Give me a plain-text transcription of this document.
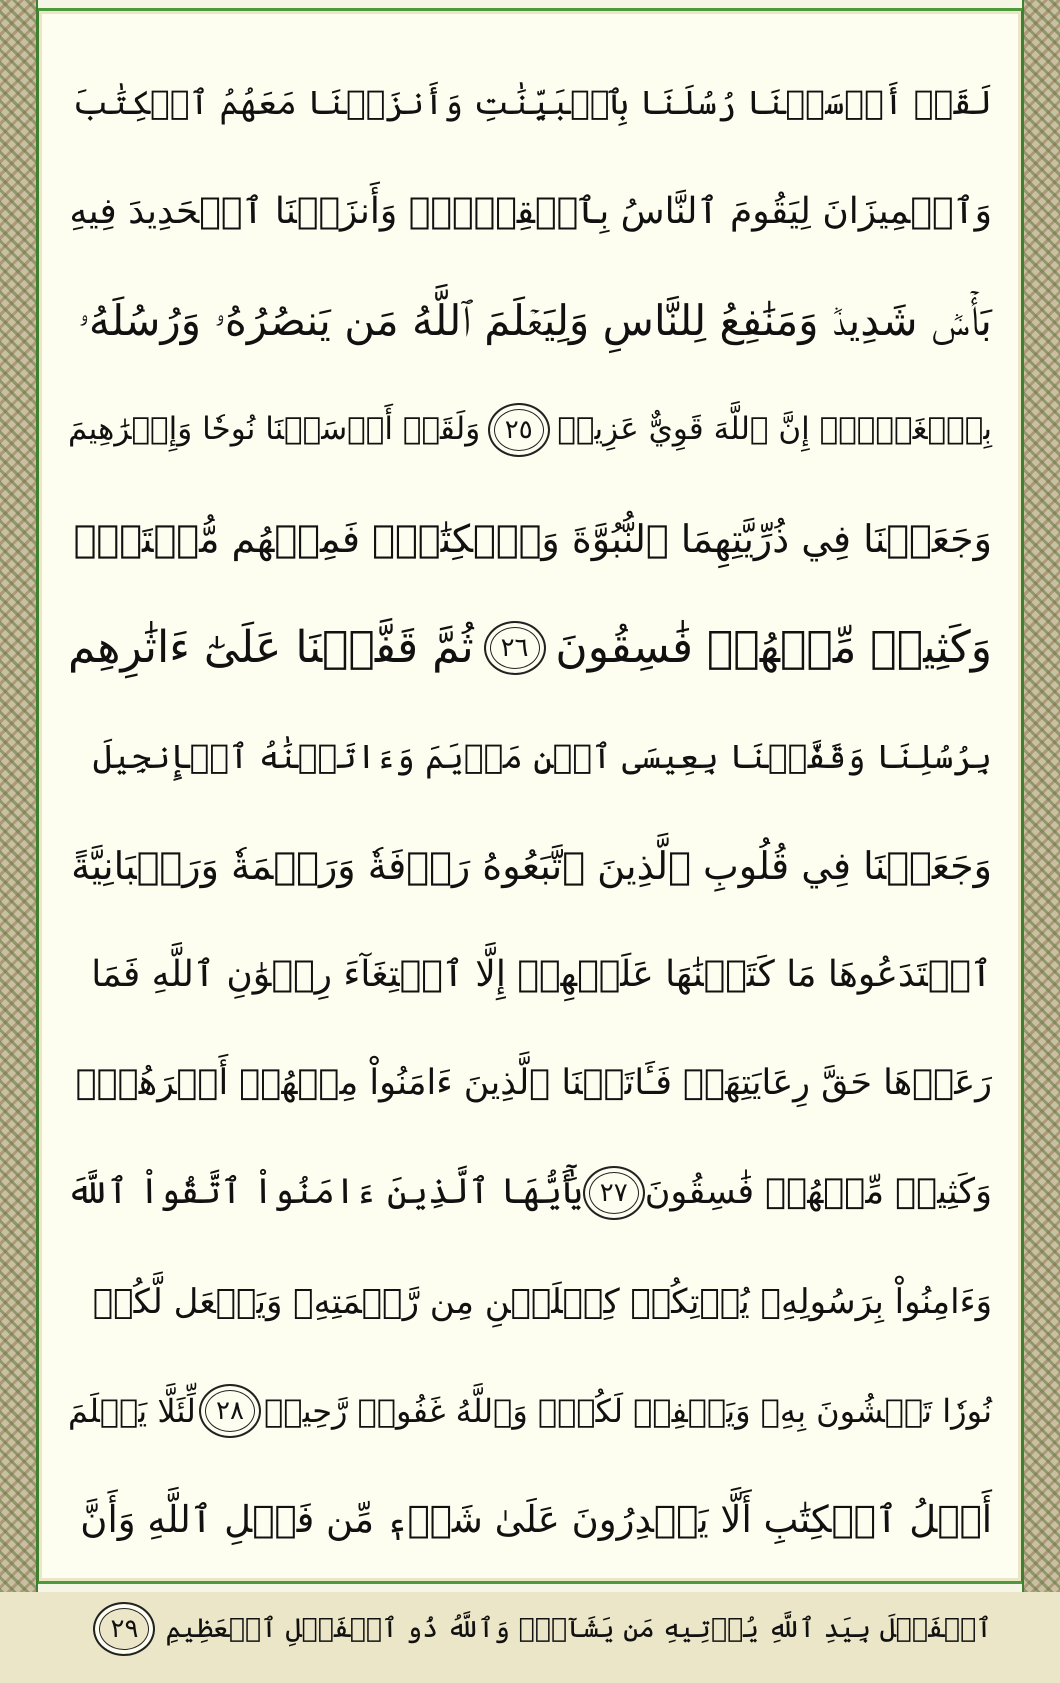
لَقَدۡ أَرۡسَلۡنَا رُسُلَنَا بِٱلۡبَيِّنَٰتِ وَأَنزَلۡنَا مَعَهُمُ ٱلۡكِتَٰبَ
وَٱلۡمِيزَانَ لِيَقُومَ ٱلنَّاسُ بِٱلۡقِسۡطِۖ وَأَنزَلۡنَا ٱلۡحَدِيدَ فِيهِ
بَأۡسٞ شَدِيدٞ وَمَنَٰفِعُ لِلنَّاسِ وَلِيَعۡلَمَ ٱللَّهُ مَن يَنصُرُهُۥ وَرُسُلَهُۥ
بِٱلۡغَيۡبِۚ إِنَّ ٱللَّهَ قَوِيٌّ عَزِيزٞ
٢٥
وَلَقَدۡ أَرۡسَلۡنَا نُوحٗا وَإِبۡرَٰهِيمَ
وَجَعَلۡنَا فِي ذُرِّيَّتِهِمَا ٱلنُّبُوَّةَ وَٱلۡكِتَٰبَۖ فَمِنۡهُم مُّهۡتَدٖۖ
وَكَثِيرٞ مِّنۡهُمۡ فَٰسِقُونَ
٢٦
ثُمَّ قَفَّيۡنَا عَلَىٰٓ ءَاثَٰرِهِم
بِرُسُلِنَا وَقَفَّيۡنَا بِعِيسَى ٱبۡنِ مَرۡيَمَ وَءَاتَيۡنَٰهُ ٱلۡإِنجِيلَ
وَجَعَلۡنَا فِي قُلُوبِ ٱلَّذِينَ ٱتَّبَعُوهُ رَأۡفَةٗ وَرَحۡمَةٗ وَرَهۡبَانِيَّةً
ٱبۡتَدَعُوهَا مَا كَتَبۡنَٰهَا عَلَيۡهِمۡ إِلَّا ٱبۡتِغَآءَ رِضۡوَٰنِ ٱللَّهِ فَمَا
رَعَوۡهَا حَقَّ رِعَايَتِهَاۖ فَـَٔاتَيۡنَا ٱلَّذِينَ ءَامَنُواْ مِنۡهُمۡ أَجۡرَهُمۡۖ
وَكَثِيرٞ مِّنۡهُمۡ فَٰسِقُونَ
٢٧
يَٰٓأَيُّهَا ٱلَّذِينَ ءَامَنُواْ ٱتَّقُواْ ٱللَّهَ
وَءَامِنُواْ بِرَسُولِهِۦ يُؤۡتِكُمۡ كِفۡلَيۡنِ مِن رَّحۡمَتِهِۦ وَيَجۡعَل لَّكُمۡ
نُورٗا تَمۡشُونَ بِهِۦ وَيَغۡفِرۡ لَكُمۡۚ وَٱللَّهُ غَفُورٞ رَّحِيمٞ
٢٨
لِّئَلَّا يَعۡلَمَ
أَهۡلُ ٱلۡكِتَٰبِ أَلَّا يَقۡدِرُونَ عَلَىٰ شَيۡءٖ مِّن فَضۡلِ ٱللَّهِ وَأَنَّ
ٱلۡفَضۡلَ بِيَدِ ٱللَّهِ يُؤۡتِيهِ مَن يَشَآءُۚ وَٱللَّهُ ذُو ٱلۡفَضۡلِ ٱلۡعَظِيمِ
٢٩
